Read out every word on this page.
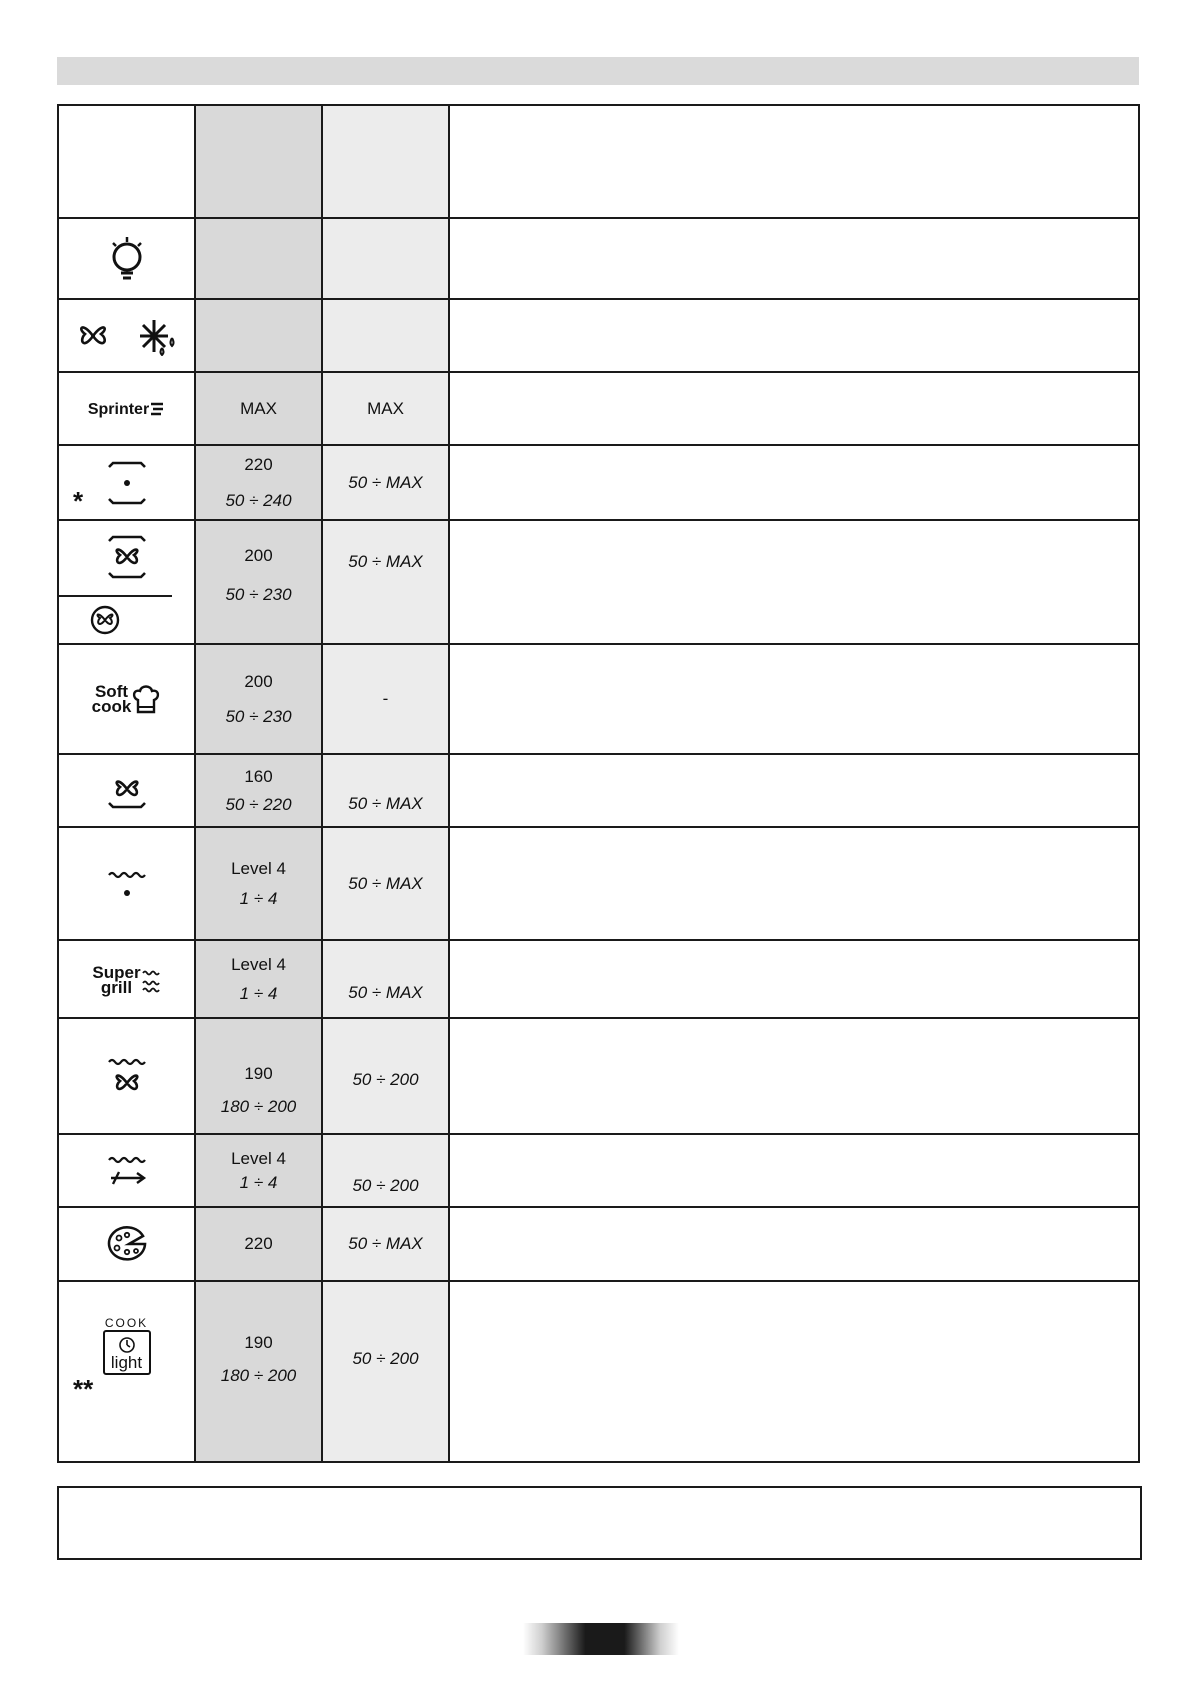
Sprinter	MAX	MAX	

*	220
50 ÷ 240	50 ÷ MAX	

200
50 ÷ 230	50 ÷ MAX	

Soft
cook	200
50 ÷ 230	-	

160
50 ÷ 220	50 ÷ MAX	

Level 4
1 ÷ 4	50 ÷ MAX	

Super
grill	Level 4
1 ÷ 4	50 ÷ MAX	

190
180 ÷ 200	50 ÷ 200	

Level 4
1 ÷ 4	50 ÷ 200	

220	50 ÷ MAX	

COOK
light
**	190
180 ÷ 200	50 ÷ 200	
